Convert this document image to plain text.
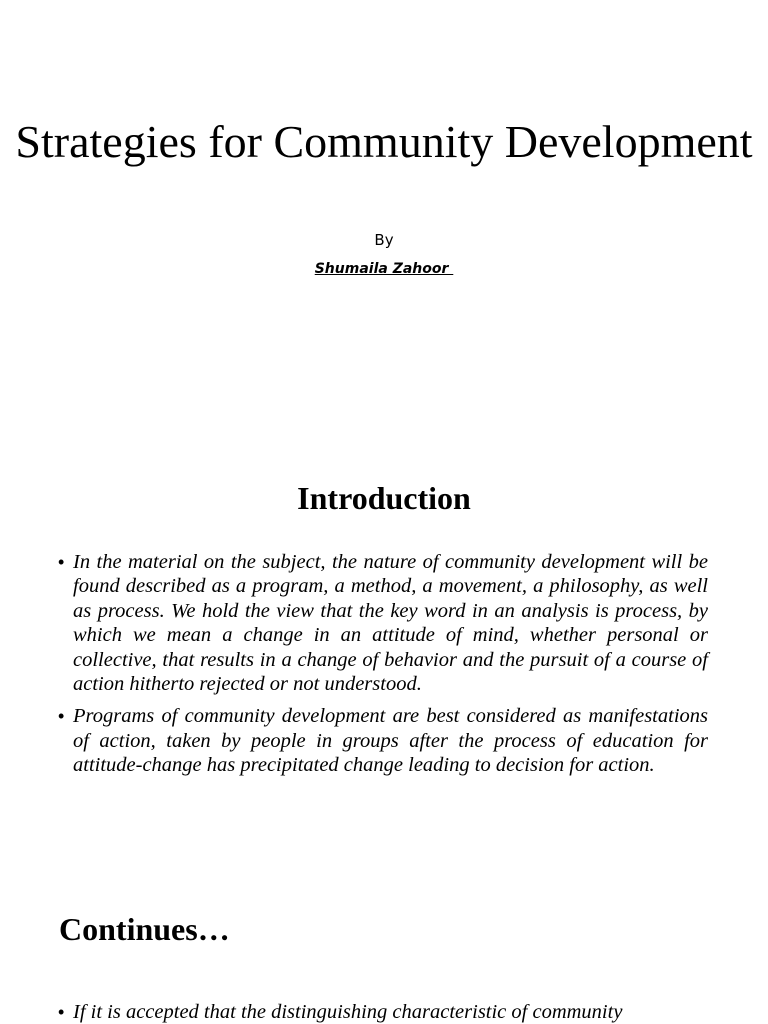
Strategies for Community Development
By
Shumaila Zahoor
Introduction
• In the material on the subject, the nature of community development will be found described as a program, a method, a movement, a philosophy, as well as process. We hold the view that the key word in an analysis is process, by which we mean a change in an attitude of mind, whether personal or collective, that results in a change of behavior and the pursuit of a course of action hitherto rejected or not understood.
• Programs of community development are best considered as manifestations of action, taken by people in groups after the process of education for attitude-change has precipitated change leading to decision for action.
Continues…
• If it is accepted that the distinguishing characteristic of community
